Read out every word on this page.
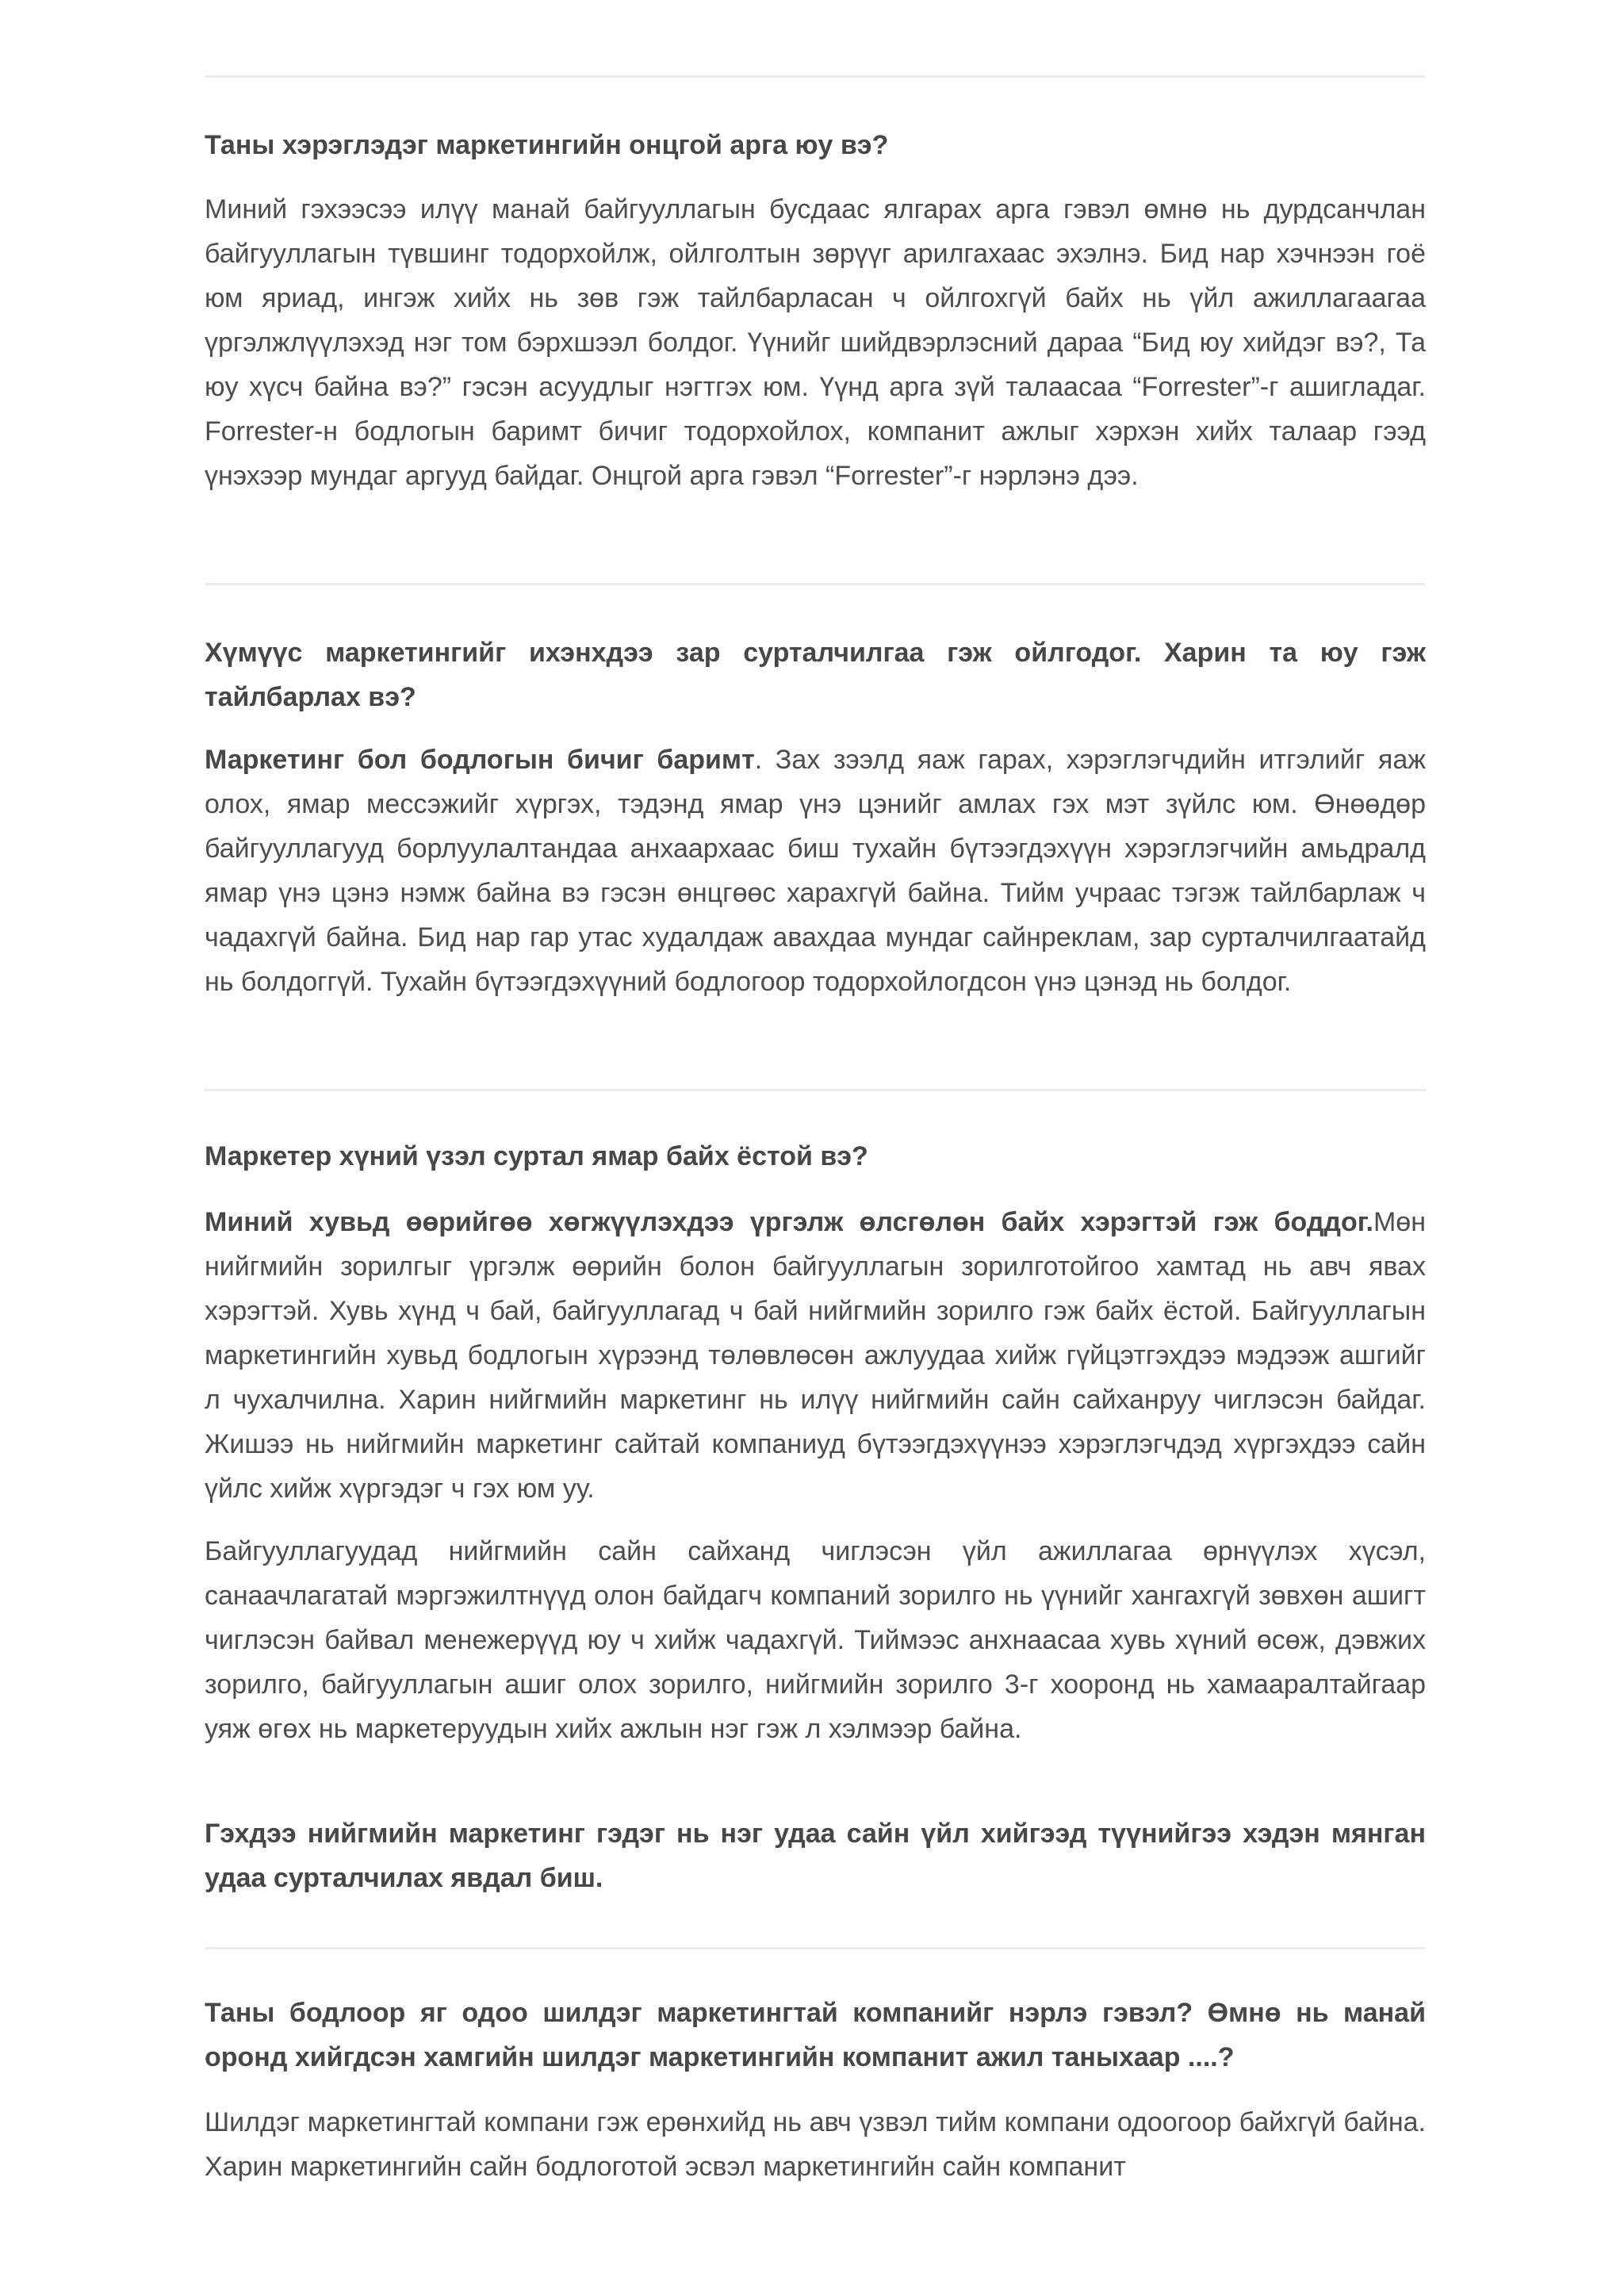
Таны хэрэглэдэг маркетингийн онцгой арга юу вэ?

Миний гэхээсээ илүү манай байгууллагын бусдаас ялгарах арга гэвэл өмнө нь дурдсанчлан байгууллагын түвшинг тодорхойлж, ойлголтын зөрүүг арилгахаас эхэлнэ. Бид нар хэчнээн гоё юм яриад, ингэж хийх нь зөв гэж тайлбарласан ч ойлгохгүй байх нь үйл ажиллагаагаа үргэлжлүүлэхэд нэг том бэрхшээл болдог. Үүнийг шийдвэрлэсний дараа “Бид юу хийдэг вэ?, Та юу хүсч байна вэ?” гэсэн асуудлыг нэгтгэх юм. Үүнд арга зүй талаасаа “Forrester”-г ашигладаг. Forrester-н бодлогын баримт бичиг тодорхойлох, компанит ажлыг хэрхэн хийх талаар гээд үнэхээр мундаг аргууд байдаг. Онцгой арга гэвэл “Forrester”-г нэрлэнэ дээ.

Хүмүүс маркетингийг ихэнхдээ зар сурталчилгаа гэж ойлгодог. Харин та юу гэж тайлбарлах вэ?

Маркетинг бол бодлогын бичиг баримт. Зах зээлд яаж гарах, хэрэглэгчдийн итгэлийг яаж олох, ямар мессэжийг хүргэх, тэдэнд ямар үнэ цэнийг амлах гэх мэт зүйлс юм. Өнөөдөр байгууллагууд борлуулалтандаа анхаархаас биш тухайн бүтээгдэхүүн хэрэглэгчийн амьдралд ямар үнэ цэнэ нэмж байна вэ гэсэн өнцгөөс харахгүй байна. Тийм учраас тэгэж тайлбарлаж ч чадахгүй байна. Бид нар гар утас худалдаж авахдаа мундаг сайнреклам, зар сурталчилгаатайд нь болдоггүй. Тухайн бүтээгдэхүүний бодлогоор тодорхойлогдсон үнэ цэнэд нь болдог.

Маркетер хүний үзэл суртал ямар байх ёстой вэ?

Миний хувьд өөрийгөө хөгжүүлэхдээ үргэлж өлсгөлөн байх хэрэгтэй гэж боддог.Мөн нийгмийн зорилгыг үргэлж өөрийн болон байгууллагын зорилготойгоо хамтад нь авч явах хэрэгтэй. Хувь хүнд ч бай, байгууллагад ч бай нийгмийн зорилго гэж байх ёстой. Байгууллагын маркетингийн хувьд бодлогын хүрээнд төлөвлөсөн ажлуудаа хийж гүйцэтгэхдээ мэдээж ашгийг л чухалчилна. Харин нийгмийн маркетинг нь илүү нийгмийн сайн сайханруу чиглэсэн байдаг. Жишээ нь нийгмийн маркетинг сайтай компаниуд бүтээгдэхүүнээ хэрэглэгчдэд хүргэхдээ сайн үйлс хийж хүргэдэг ч гэх юм уу.

Байгууллагуудад нийгмийн сайн сайханд чиглэсэн үйл ажиллагаа өрнүүлэх хүсэл, санаачлагатай мэргэжилтнүүд олон байдагч компаний зорилго нь үүнийг хангахгүй зөвхөн ашигт чиглэсэн байвал менежерүүд юу ч хийж чадахгүй. Тиймээс анхнаасаа хувь хүний өсөж, дэвжих зорилго, байгууллагын ашиг олох зорилго, нийгмийн зорилго 3-г хооронд нь хамааралтайгаар уяж өгөх нь маркетеруудын хийх ажлын нэг гэж л хэлмээр байна.

Гэхдээ нийгмийн маркетинг гэдэг нь нэг удаа сайн үйл хийгээд түүнийгээ хэдэн мянган удаа сурталчилах явдал биш.

Таны бодлоор яг одоо шилдэг маркетингтай компанийг нэрлэ гэвэл? Өмнө нь манай оронд хийгдсэн хамгийн шилдэг маркетингийн компанит ажил таныхаар ....?

Шилдэг маркетингтай компани гэж ерөнхийд нь авч үзвэл тийм компани одоогоор байхгүй байна. Харин маркетингийн сайн бодлоготой эсвэл маркетингийн сайн компанит
